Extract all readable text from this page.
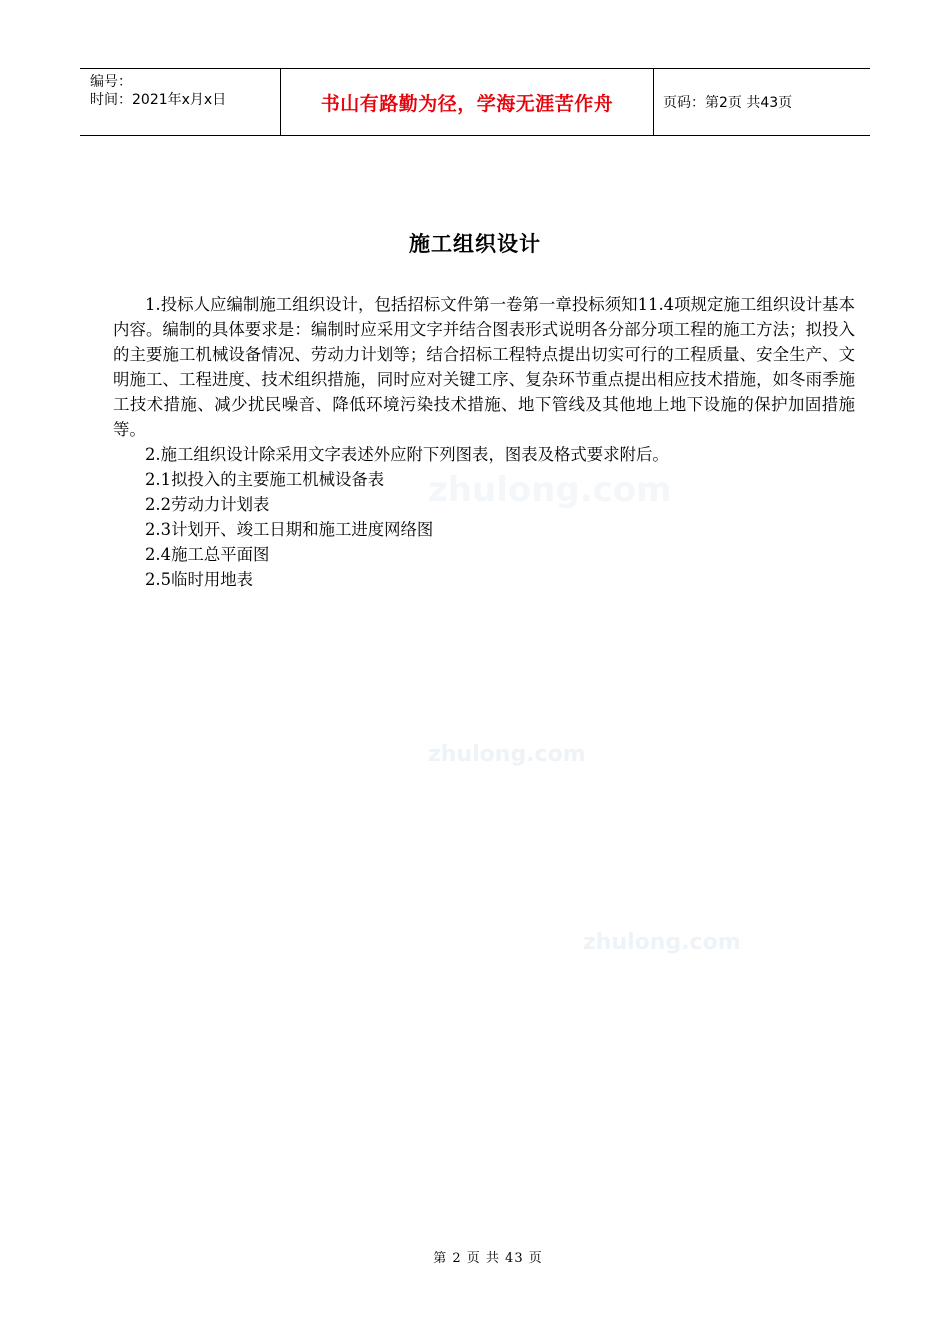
编号：
时间：2021年x月x日	书山有路勤为径，学海无涯苦作舟	页码：第2页 共43页
zhulong.com
zhulong.com
zhulong.com
施工组织设计

1.投标人应编制施工组织设计，包括招标文件第一卷第一章投标须知11.4项规定施工组织设计基本内容。编制的具体要求是：编制时应采用文字并结合图表形式说明各分部分项工程的施工方法；拟投入的主要施工机械设备情况、劳动力计划等；结合招标工程特点提出切实可行的工程质量、安全生产、文明施工、工程进度、技术组织措施，同时应对关键工序、复杂环节重点提出相应技术措施，如冬雨季施工技术措施、减少扰民噪音、降低环境污染技术措施、地下管线及其他地上地下设施的保护加固措施等。

2.施工组织设计除采用文字表述外应附下列图表，图表及格式要求附后。

2.1拟投入的主要施工机械设备表

2.2劳动力计划表

2.3计划开、竣工日期和施工进度网络图

2.4施工总平面图

2.5临时用地表

第 2 页 共 43 页
